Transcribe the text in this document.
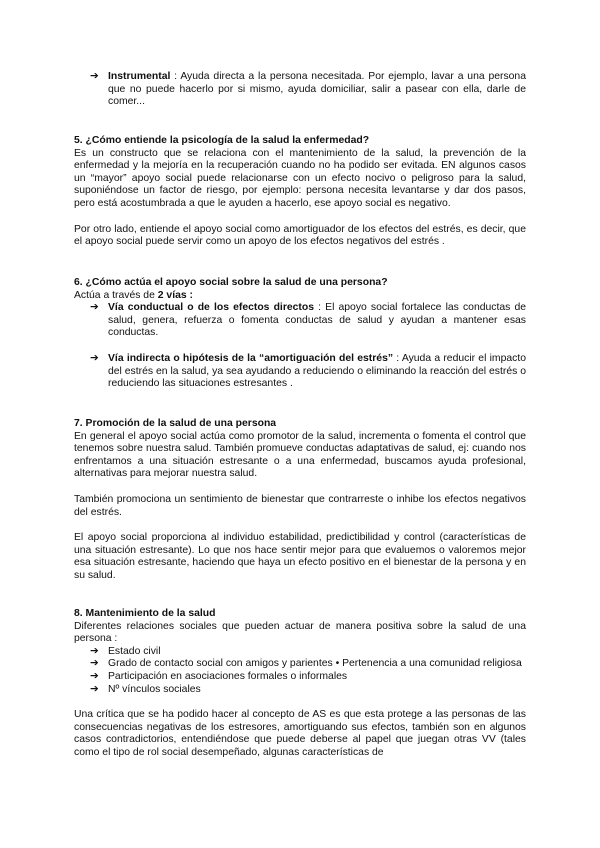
➔ Instrumental : Ayuda directa a la persona necesitada. Por ejemplo, lavar a una persona que no puede hacerlo por si mismo, ayuda domiciliar, salir a pasear con ella, darle de comer...

5. ¿Cómo entiende la psicología de la salud la enfermedad?

Es un constructo que se relaciona con el mantenimiento de la salud, la prevención de la enfermedad y la mejoría en la recuperación cuando no ha podido ser evitada. EN algunos casos un “mayor” apoyo social puede relacionarse con un efecto nocivo o peligroso para la salud, suponiéndose un factor de riesgo, por ejemplo: persona necesita levantarse y dar dos pasos, pero está acostumbrada a que le ayuden a hacerlo, ese apoyo social es negativo.

Por otro lado, entiende el apoyo social como amortiguador de los efectos del estrés, es decir, que el apoyo social puede servir como un apoyo de los efectos negativos del estrés .

6. ¿Cómo actúa el apoyo social sobre la salud de una persona?

Actúa a través de 2 vías :

➔ Vía conductual o de los efectos directos : El apoyo social fortalece las conductas de salud, genera, refuerza o fomenta conductas de salud y ayudan a mantener esas conductas.
➔ Vía indirecta o hipótesis de la “amortiguación del estrés” : Ayuda a reducir el impacto del estrés en la salud, ya sea ayudando a reduciendo o eliminando la reacción del estrés o reduciendo las situaciones estresantes .

7. Promoción de la salud de una persona

En general el apoyo social actúa como promotor de la salud, incrementa o fomenta el control que tenemos sobre nuestra salud. También promueve conductas adaptativas de salud, ej: cuando nos enfrentamos a una situación estresante o a una enfermedad, buscamos ayuda profesional, alternativas para mejorar nuestra salud.

También promociona un sentimiento de bienestar que contrarreste o inhibe los efectos negativos del estrés.

El apoyo social proporciona al individuo estabilidad, predictibilidad y control (características de una situación estresante). Lo que nos hace sentir mejor para que evaluemos o valoremos mejor esa situación estresante, haciendo que haya un efecto positivo en el bienestar de la persona y en su salud.

8. Mantenimiento de la salud

Diferentes relaciones sociales que pueden actuar de manera positiva sobre la salud de una persona :

➔ Estado civil
➔ Grado de contacto social con amigos y parientes • Pertenencia a una comunidad religiosa
➔ Participación en asociaciones formales o informales
➔ Nº vínculos sociales

Una crítica que se ha podido hacer al concepto de AS es que esta protege a las personas de las consecuencias negativas de los estresores, amortiguando sus efectos, también son en algunos casos contradictorios, entendiéndose que puede deberse al papel que juegan otras VV (tales como el tipo de rol social desempeñado, algunas características de
